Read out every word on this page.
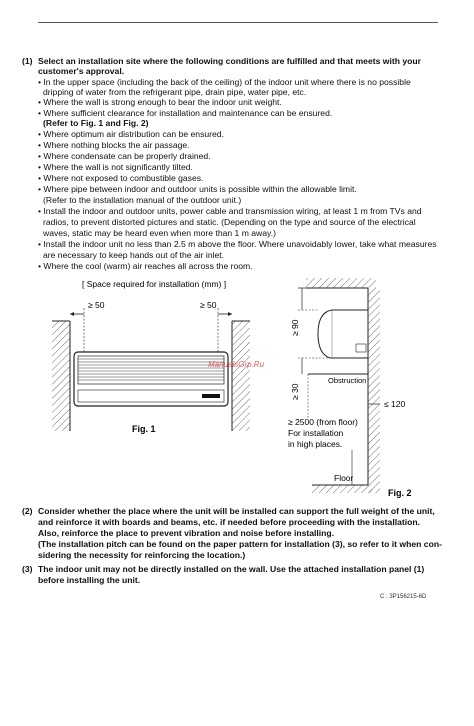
(1) Select an installation site where the following conditions are fulfilled and that meets with your
customer's approval.
• In the upper space (including the back of the ceiling) of the indoor unit where there is no possible
dripping of water from the refrigerant pipe, drain pipe, water pipe, etc.
• Where the wall is strong enough to bear the indoor unit weight.
• Where sufficient clearance for installation and maintenance can be ensured.
(Refer to Fig. 1 and Fig. 2)
• Where optimum air distribution can be ensured.
• Where nothing blocks the air passage.
• Where condensate can be properly drained.
• Where the wall is not significantly tilted.
• Where not exposed to combustible gases.
• Where pipe between indoor and outdoor units is possible within the allowable limit.
(Refer to the installation manual of the outdoor unit.)
• Install the indoor and outdoor units, power cable and transmission wiring, at least 1 m from TVs and
radios, to prevent distorted pictures and static. (Depending on the type and source of the electrical
waves, static may be heard even when more than 1 m away.)
• Install the indoor unit no less than 2.5 m above the floor. Where unavoidably lower, take what measures
are necessary to keep hands out of the air inlet.
• Where the cool (warm) air reaches all across the room.
[ Space required for installation (mm) ]
≥ 50	≥ 50
Fig. 1
ManualsGrp.Ru
≥ 90
≥ 30
Obstruction
≤ 120
≥ 2500 (from floor)
For installation
in high places.
Floor
Fig. 2
(2) Consider whether the place where the unit will be installed can support the full weight of the unit,
and reinforce it with boards and beams, etc. if needed before proceeding with the installation.
Also, reinforce the place to prevent vibration and noise before installing.
(The installation pitch can be found on the paper pattern for installation (3), so refer to it when con-
sidering the necessity for reinforcing the location.)
(3) The indoor unit may not be directly installed on the wall. Use the attached installation panel (1)
before installing the unit.
C : 3P156215-6D
